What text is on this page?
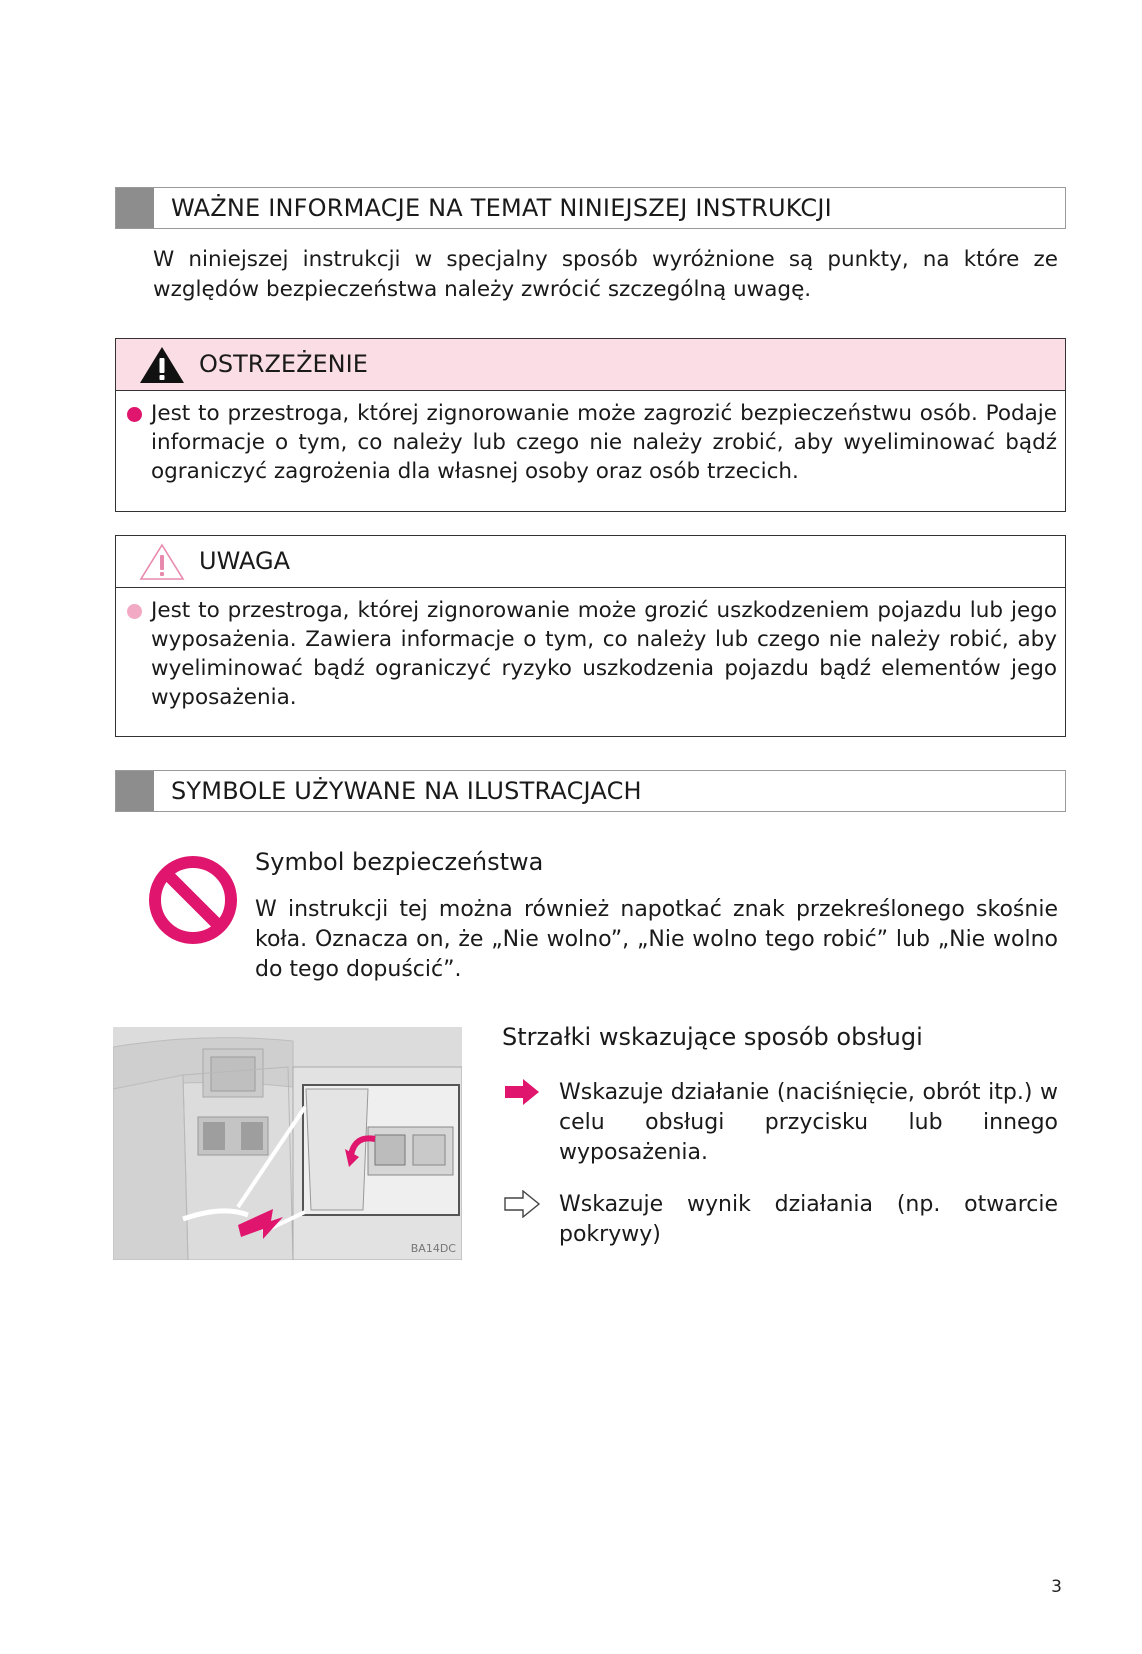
WAŻNE INFORMACJE NA TEMAT NINIEJSZEJ INSTRUKCJI
W niniejszej instrukcji w specjalny sposób wyróżnione są punkty, na które ze względów bezpieczeństwa należy zwrócić szczególną uwagę.
OSTRZEŻENIE
Jest to przestroga, której zignorowanie może zagrozić bezpieczeństwu osób. Podaje informacje o tym, co należy lub czego nie należy zrobić, aby wyeliminować bądź ograniczyć zagrożenia dla własnej osoby oraz osób trzecich.
UWAGA
Jest to przestroga, której zignorowanie może grozić uszkodzeniem pojazdu lub jego wyposażenia. Zawiera informacje o tym, co należy lub czego nie należy robić, aby wyeliminować bądź ograniczyć ryzyko uszkodzenia pojazdu bądź elementów jego wyposażenia.
SYMBOLE UŻYWANE NA ILUSTRACJACH
Symbol bezpieczeństwa
W instrukcji tej można również napotkać znak przekreślonego skośnie koła. Oznacza on, że „Nie wolno”, „Nie wolno tego robić” lub „Nie wolno do tego dopuścić”.
BA14DC
Strzałki wskazujące sposób obsługi
Wskazuje działanie (naciśnięcie, obrót itp.) w celu obsługi przycisku lub innego wyposażenia.
Wskazuje wynik działania (np. otwarcie pokrywy)
3
